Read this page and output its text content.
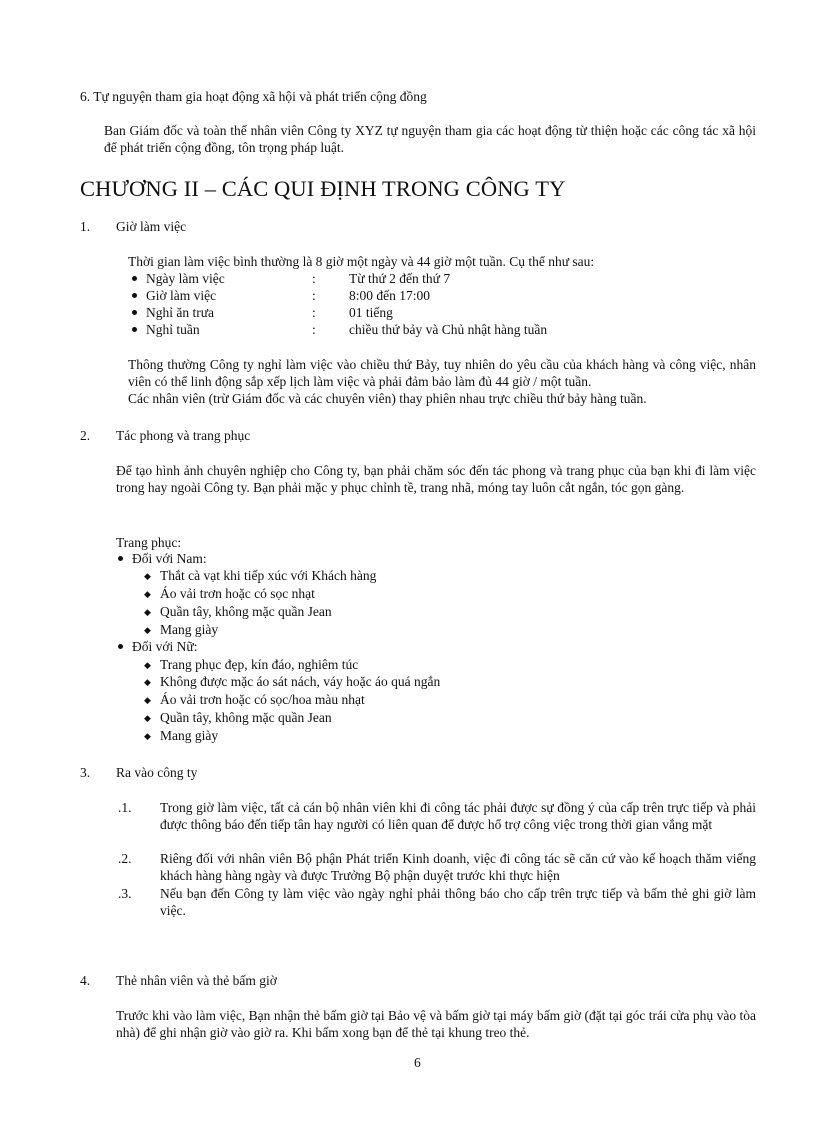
6. Tự nguyện tham gia hoạt động xã hội và phát triển cộng đồng
Ban Giám đốc và toàn thể nhân viên Công ty XYZ tự nguyện tham gia các hoạt động từ thiện hoặc các công tác xã hội để phát triển cộng đồng, tôn trọng pháp luật.
CHƯƠNG II – CÁC QUI ĐỊNH TRONG CÔNG TY
1. Giờ làm việc
Thời gian làm việc bình thường là 8 giờ một ngày và 44 giờ một tuần. Cụ thể như sau:
Ngày làm việc	: Từ thứ 2 đến thứ 7
Giờ làm việc	: 8:00 đến 17:00
Nghỉ ăn trưa	: 01 tiếng
Nghỉ tuần	: chiều thứ bảy và Chủ nhật hàng tuần
Thông thường Công ty nghỉ làm việc vào chiều thứ Bảy, tuy nhiên do yêu cầu của khách hàng và công việc, nhân viên có thể linh động sắp xếp lịch làm việc và phải đảm bảo làm đủ 44 giờ / một tuần.
Các nhân viên (trừ Giám đốc và các chuyên viên) thay phiên nhau trực chiều thứ bảy hàng tuần.
2. Tác phong và trang phục
Để tạo hình ảnh chuyên nghiệp cho Công ty, bạn phải chăm sóc đến tác phong và trang phục của bạn khi đi làm việc trong hay ngoài Công ty. Bạn phải mặc y phục chỉnh tề, trang nhã, móng tay luôn cắt ngắn, tóc gọn gàng.
Trang phục:
Đối với Nam:
◆ Thắt cà vạt khi tiếp xúc với Khách hàng
◆ Áo vải trơn hoặc có sọc nhạt
◆ Quần tây, không mặc quần Jean
◆ Mang giày
Đối với Nữ:
◆ Trang phục đẹp, kín đáo, nghiêm túc
◆ Không được mặc áo sát nách, váy hoặc áo quá ngắn
◆ Áo vải trơn hoặc có sọc/hoa màu nhạt
◆ Quần tây, không mặc quần Jean
◆ Mang giày
3. Ra vào công ty
.1. Trong giờ làm việc, tất cả cán bộ nhân viên khi đi công tác phải được sự đồng ý của cấp trên trực tiếp và phải được thông báo đến tiếp tân hay người có liên quan để được hổ trợ công việc trong thời gian vắng mặt
.2. Riêng đối với nhân viên Bộ phận Phát triển Kinh doanh, việc đi công tác sẽ căn cứ vào kế hoạch thăm viếng khách hàng hàng ngày và được Trưởng Bộ phận duyệt trước khi thực hiện
.3. Nếu bạn đến Công ty làm việc vào ngày nghỉ phải thông báo cho cấp trên trực tiếp và bấm thẻ ghi giờ làm việc.
4. Thẻ nhân viên và thẻ bấm giờ
Trước khi vào làm việc, Bạn nhận thẻ bấm giờ tại Bảo vệ và bấm giờ tại máy bấm giờ (đặt tại góc trái cửa phụ vào tòa nhà) để ghi nhận giờ vào giờ ra. Khi bấm xong bạn để thẻ tại khung treo thẻ.
6
